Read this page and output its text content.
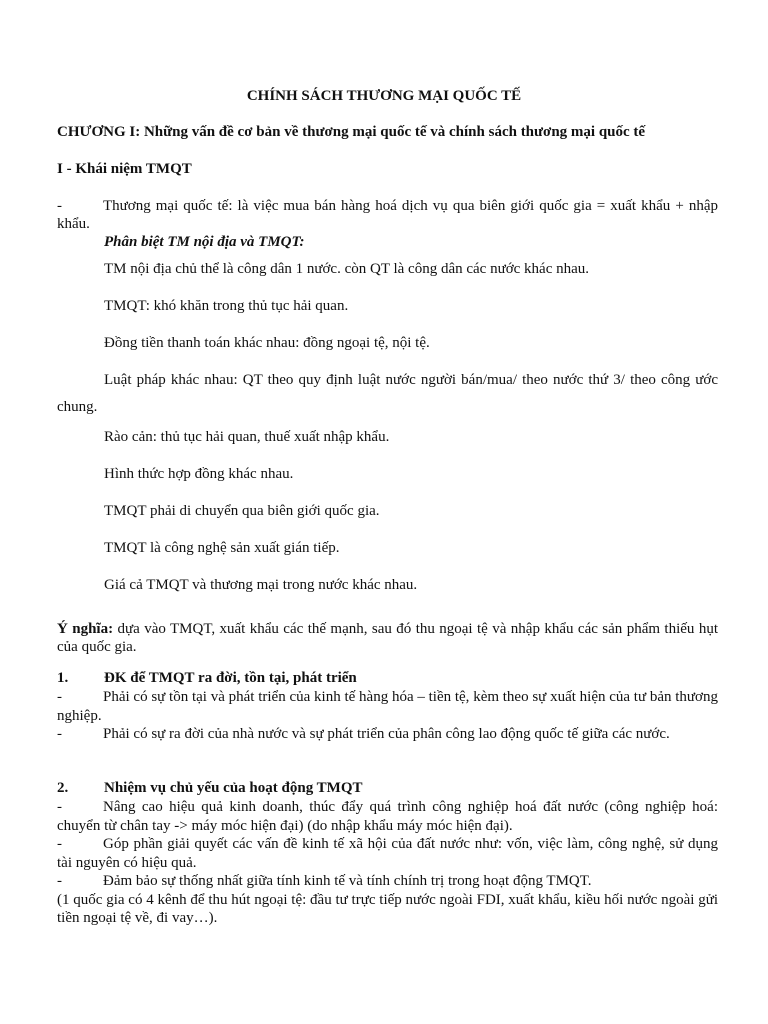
CHÍNH SÁCH THƯƠNG MẠI QUỐC TẾ
CHƯƠNG I: Những vấn đề cơ bản về thương mại quốc tế và chính sách thương mại quốc tế
I - Khái niệm TMQT
-	Thương mại quốc tế: là việc mua bán hàng hoá dịch vụ qua biên giới quốc gia = xuất khẩu + nhập khẩu.
Phân biệt TM nội địa và TMQT:
TM nội địa chủ thể là công dân 1 nước. còn QT là công dân các nước khác nhau.
TMQT: khó khăn trong thủ tục hải quan.
Đồng tiền thanh toán khác nhau: đồng ngoại tệ, nội tệ.
Luật pháp khác nhau: QT theo quy định luật nước người bán/mua/ theo nước thứ 3/ theo công ước chung.
Rào cản: thủ tục hải quan, thuế xuất nhập khẩu.
Hình thức hợp đồng khác nhau.
TMQT phải di chuyển qua biên giới quốc gia.
TMQT là công nghệ sản xuất gián tiếp.
Giá cả TMQT và thương mại trong nước khác nhau.
Ý nghĩa: dựa vào TMQT, xuất khẩu các thế mạnh, sau đó thu ngoại tệ và nhập khẩu các sản phẩm thiếu hụt của quốc gia.
1. ĐK để TMQT ra đời, tồn tại, phát triển
-	Phải có sự tồn tại và phát triển của kinh tế hàng hóa – tiền tệ, kèm theo sự xuất hiện của tư bản thương nghiệp.
-	Phải có sự ra đời của nhà nước và sự phát triển của phân công lao động quốc tế giữa các nước.
2. Nhiệm vụ chủ yếu của hoạt động TMQT
-	Nâng cao hiệu quả kinh doanh, thúc đẩy quá trình công nghiệp hoá đất nước (công nghiệp hoá: chuyển từ chân tay -> máy móc hiện đại) (do nhập khẩu máy móc hiện đại).
-	Góp phần giải quyết các vấn đề kinh tế xã hội của đất nước như: vốn, việc làm, công nghệ, sử dụng tài nguyên có hiệu quả.
-	Đảm bảo sự thống nhất giữa tính kinh tế và tính chính trị trong hoạt động TMQT.
(1 quốc gia có 4 kênh để thu hút ngoại tệ: đầu tư trực tiếp nước ngoài FDI, xuất khẩu, kiều hối nước ngoài gửi tiền ngoại tệ về, đi vay…).
